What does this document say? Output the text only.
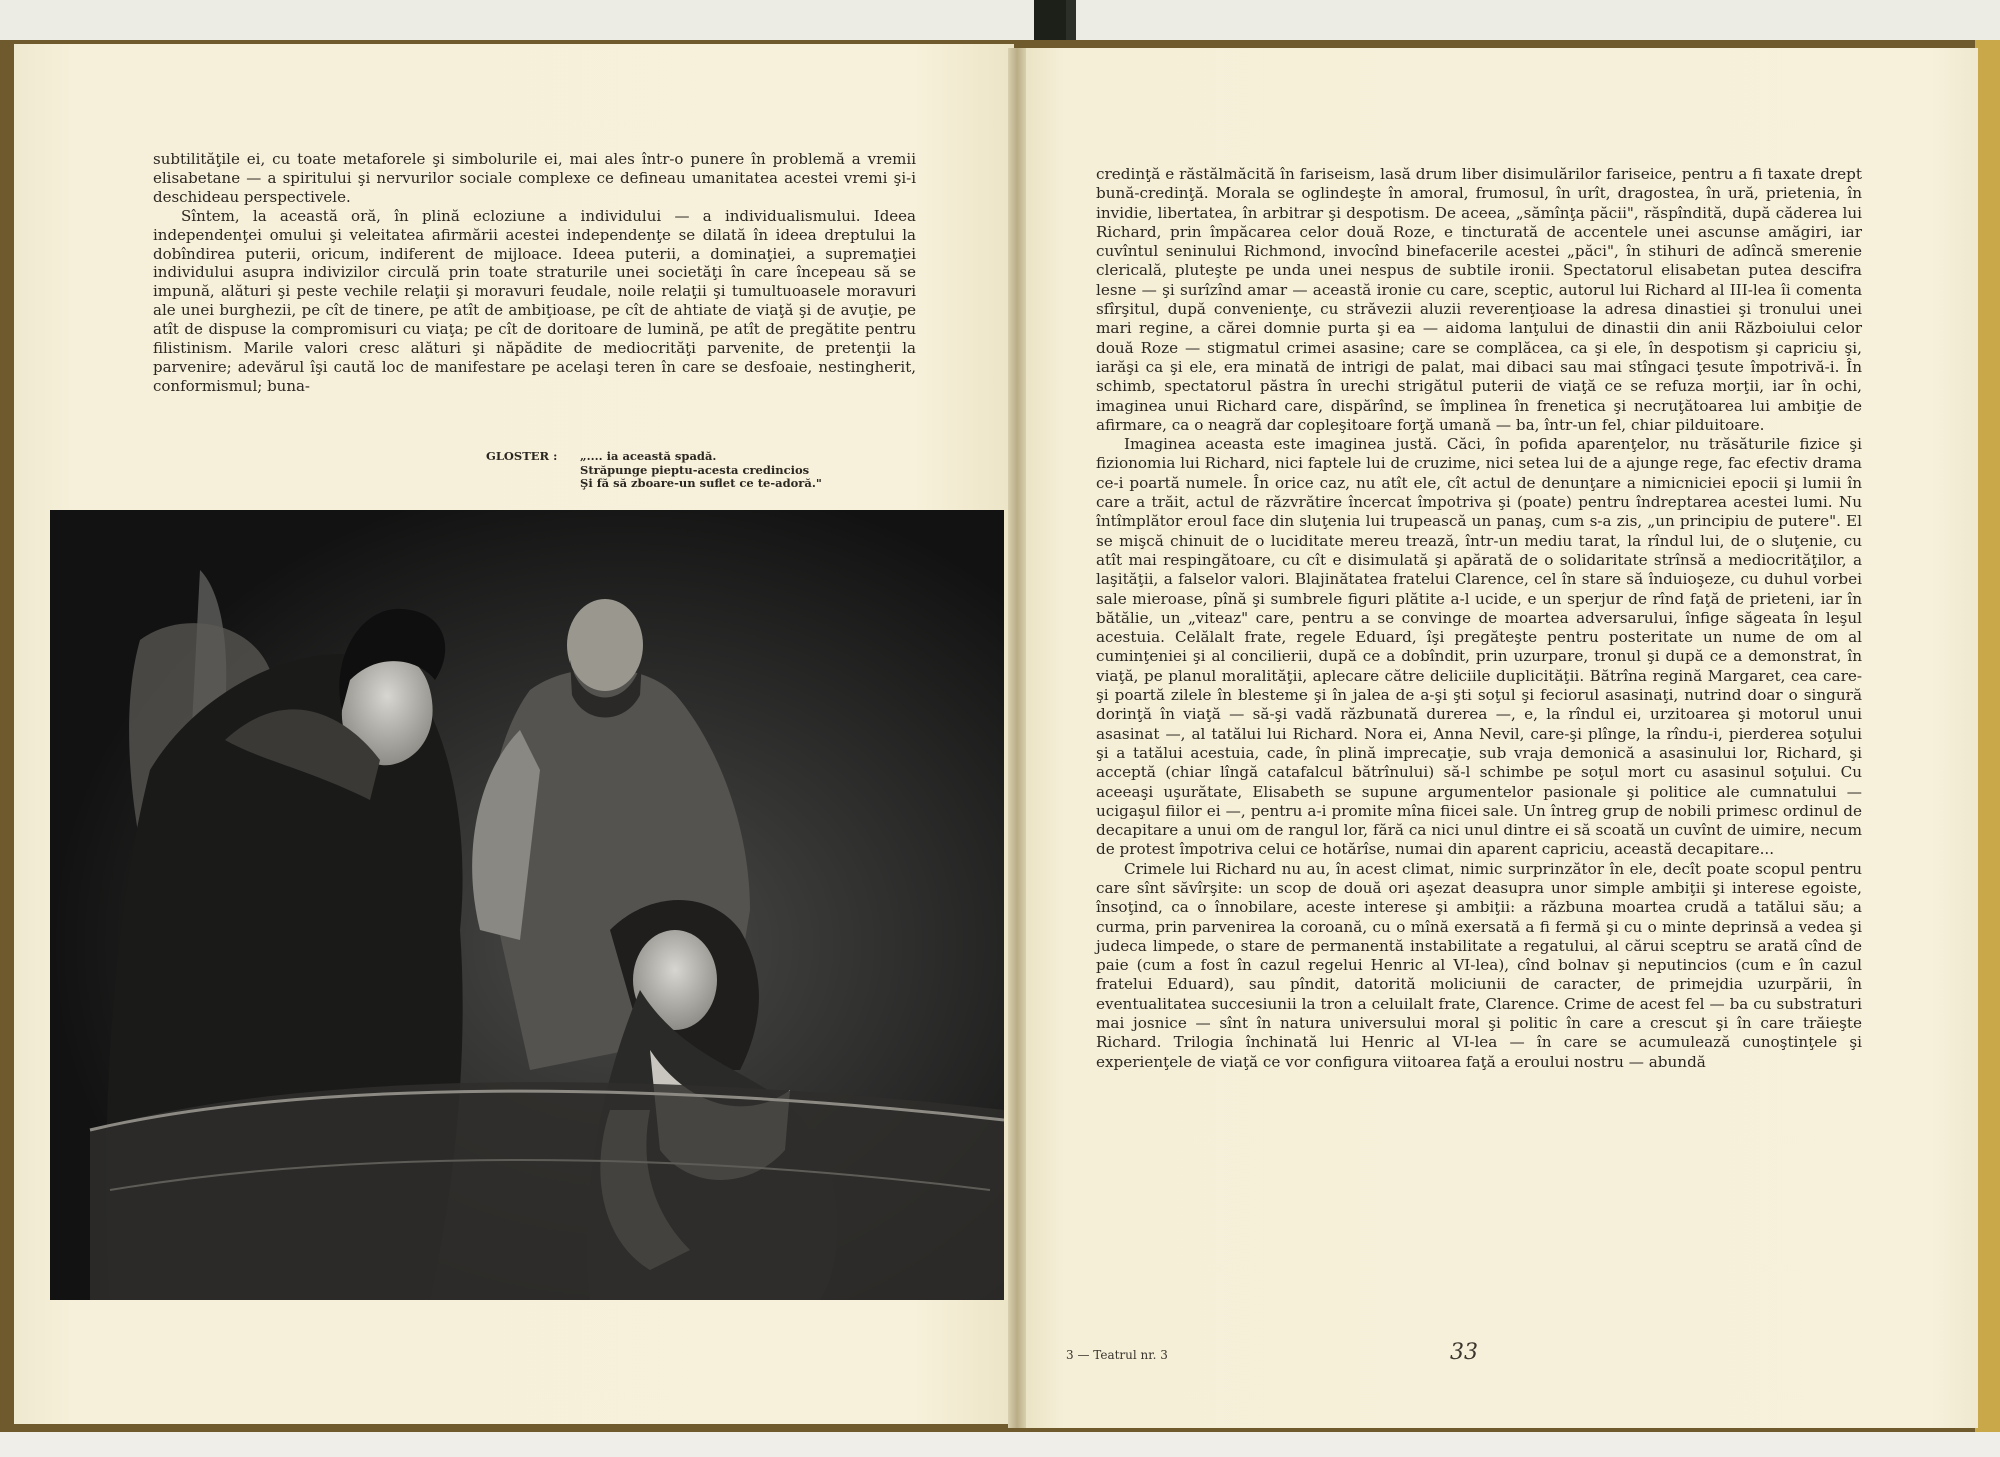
subtilităţile ei, cu toate metaforele şi simbolurile ei, mai ales într-o punere în problemă a vremii elisabetane — a spiritului şi nervurilor sociale complexe ce defineau umanitatea acestei vremi şi-i deschideau perspectivele.

Sîntem, la această oră, în plină ecloziune a individului — a individualismului. Ideea independenţei omului şi veleitatea afirmării acestei independenţe se dilată în ideea dreptului la dobîndirea puterii, oricum, indiferent de mijloace. Ideea puterii, a dominaţiei, a supremaţiei individului asupra indivizilor circulă prin toate straturile unei societăţi în care începeau să se impună, alături şi peste vechile relaţii şi moravuri feudale, noile relaţii şi tumultuoasele moravuri ale unei burghezii, pe cît de tinere, pe atît de ambiţioase, pe cît de ahtiate de viaţă şi de avuţie, pe atît de dispuse la compromisuri cu viaţa; pe cît de doritoare de lumină, pe atît de pregătite pentru filistinism. Marile valori cresc alături şi năpădite de mediocrităţi parvenite, de pretenţii la parvenire; adevărul îşi caută loc de manifestare pe acelaşi teren în care se desfoaie, nestingherit, conformismul; buna-

GLOSTER : „.... ia această spadă.
Străpunge pieptu-acesta credincios
Şi fă să zboare-un suflet ce te-adoră."

credinţă e răstălmăcită în fariseism, lasă drum liber disimulărilor fariseice, pentru a fi taxate drept bună-credinţă. Morala se oglindeşte în amoral, frumosul, în urît, dragostea, în ură, prietenia, în invidie, libertatea, în arbitrar şi despotism. De aceea, „sămînţa păcii", răspîndită, după căderea lui Richard, prin împăcarea celor două Roze, e tincturată de accentele unei ascunse amăgiri, iar cuvîntul seninului Richmond, invocînd binefacerile acestei „păci", în stihuri de adîncă smerenie clericală, pluteşte pe unda unei nespus de subtile ironii. Spectatorul elisabetan putea descifra lesne — şi surîzînd amar — această ironie cu care, sceptic, autorul lui Richard al III-lea îi comenta sfîrşitul, după convenienţe, cu străvezii aluzii reverenţioase la adresa dinastiei şi tronului unei mari regine, a cărei domnie purta şi ea — aidoma lanţului de dinastii din anii Războiului celor două Roze — stigmatul crimei asasine; care se complăcea, ca şi ele, în despotism şi capriciu şi, iarăşi ca şi ele, era minată de intrigi de palat, mai dibaci sau mai stîngaci ţesute împotrivă-i. În schimb, spectatorul păstra în urechi strigătul puterii de viaţă ce se refuza morţii, iar în ochi, imaginea unui Richard care, dispărînd, se împlinea în frenetica şi necruţătoarea lui ambiţie de afirmare, ca o neagră dar copleşitoare forţă umană — ba, într-un fel, chiar pilduitoare.

Imaginea aceasta este imaginea justă. Căci, în pofida aparenţelor, nu trăsăturile fizice şi fizionomia lui Richard, nici faptele lui de cruzime, nici setea lui de a ajunge rege, fac efectiv drama ce-i poartă numele. În orice caz, nu atît ele, cît actul de denunţare a nimicniciei epocii şi lumii în care a trăit, actul de răzvrătire încercat împotriva şi (poate) pentru îndreptarea acestei lumi. Nu întîmplător eroul face din sluţenia lui trupească un panaş, cum s-a zis, „un principiu de putere". El se mişcă chinuit de o luciditate mereu trează, într-un mediu tarat, la rîndul lui, de o sluţenie, cu atît mai respingătoare, cu cît e disimulată şi apărată de o solidaritate strînsă a mediocrităţilor, a laşităţii, a falselor valori. Blajinătatea fratelui Clarence, cel în stare să înduioşeze, cu duhul vorbei sale mieroase, pînă şi sumbrele figuri plătite a-l ucide, e un sperjur de rînd faţă de prieteni, iar în bătălie, un „viteaz" care, pentru a se convinge de moartea adversarului, înfige săgeata în leşul acestuia. Celălalt frate, regele Eduard, îşi pregăteşte pentru posteritate un nume de om al cuminţeniei şi al concilierii, după ce a dobîndit, prin uzurpare, tronul şi după ce a demonstrat, în viaţă, pe planul moralităţii, aplecare către deliciile duplicităţii. Bătrîna regină Margaret, cea care-şi poartă zilele în blesteme şi în jalea de a-şi şti soţul şi feciorul asasinaţi, nutrind doar o singură dorinţă în viaţă — să-şi vadă răzbunată durerea —, e, la rîndul ei, urzitoarea şi motorul unui asasinat —, al tatălui lui Richard. Nora ei, Anna Nevil, care-şi plînge, la rîndu-i, pierderea soţului şi a tatălui acestuia, cade, în plină imprecaţie, sub vraja demonică a asasinului lor, Richard, şi acceptă (chiar lîngă catafalcul bătrînului) să-l schimbe pe soţul mort cu asasinul soţului. Cu aceeaşi uşurătate, Elisabeth se supune argumentelor pasionale şi politice ale cumnatului — ucigaşul fiilor ei —, pentru a-i promite mîna fiicei sale. Un întreg grup de nobili primesc ordinul de decapitare a unui om de rangul lor, fără ca nici unul dintre ei să scoată un cuvînt de uimire, necum de protest împotriva celui ce hotărîse, numai din aparent capriciu, această decapitare...

Crimele lui Richard nu au, în acest climat, nimic surprinzător în ele, decît poate scopul pentru care sînt săvîrşite: un scop de două ori aşezat deasupra unor simple ambiţii şi interese egoiste, însoţind, ca o înnobilare, aceste interese şi ambiţii: a răzbuna moartea crudă a tatălui său; a curma, prin parvenirea la coroană, cu o mînă exersată a fi fermă şi cu o minte deprinsă a vedea şi judeca limpede, o stare de permanentă instabilitate a regatului, al cărui sceptru se arată cînd de paie (cum a fost în cazul regelui Henric al VI-lea), cînd bolnav şi neputincios (cum e în cazul fratelui Eduard), sau pîndit, datorită moliciunii de caracter, de primejdia uzurpării, în eventualitatea succesiunii la tron a celuilalt frate, Clarence. Crime de acest fel — ba cu substraturi mai josnice — sînt în natura universului moral şi politic în care a crescut şi în care trăieşte Richard. Trilogia închinată lui Henric al VI-lea — în care se acumulează cunoştinţele şi experienţele de viaţă ce vor configura viitoarea faţă a eroului nostru — abundă

3 — Teatrul nr. 3	33
